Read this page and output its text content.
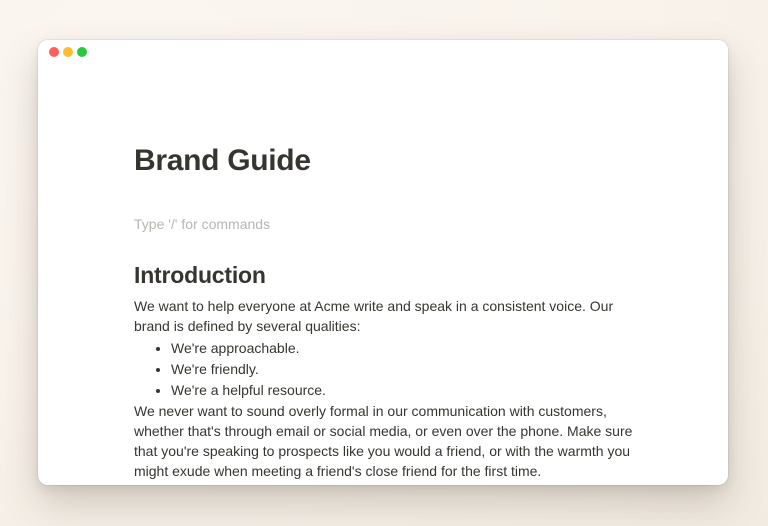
Brand Guide
Type '/' for commands
Introduction

We want to help everyone at Acme write and speak in a consistent voice. Our brand is defined by several qualities:

• We're approachable.
• We're friendly.
• We're a helpful resource.

We never want to sound overly formal in our communication with customers, whether that's through email or social media, or even over the phone. Make sure that you're speaking to prospects like you would a friend, or with the warmth you might exude when meeting a friend's close friend for the first time.
